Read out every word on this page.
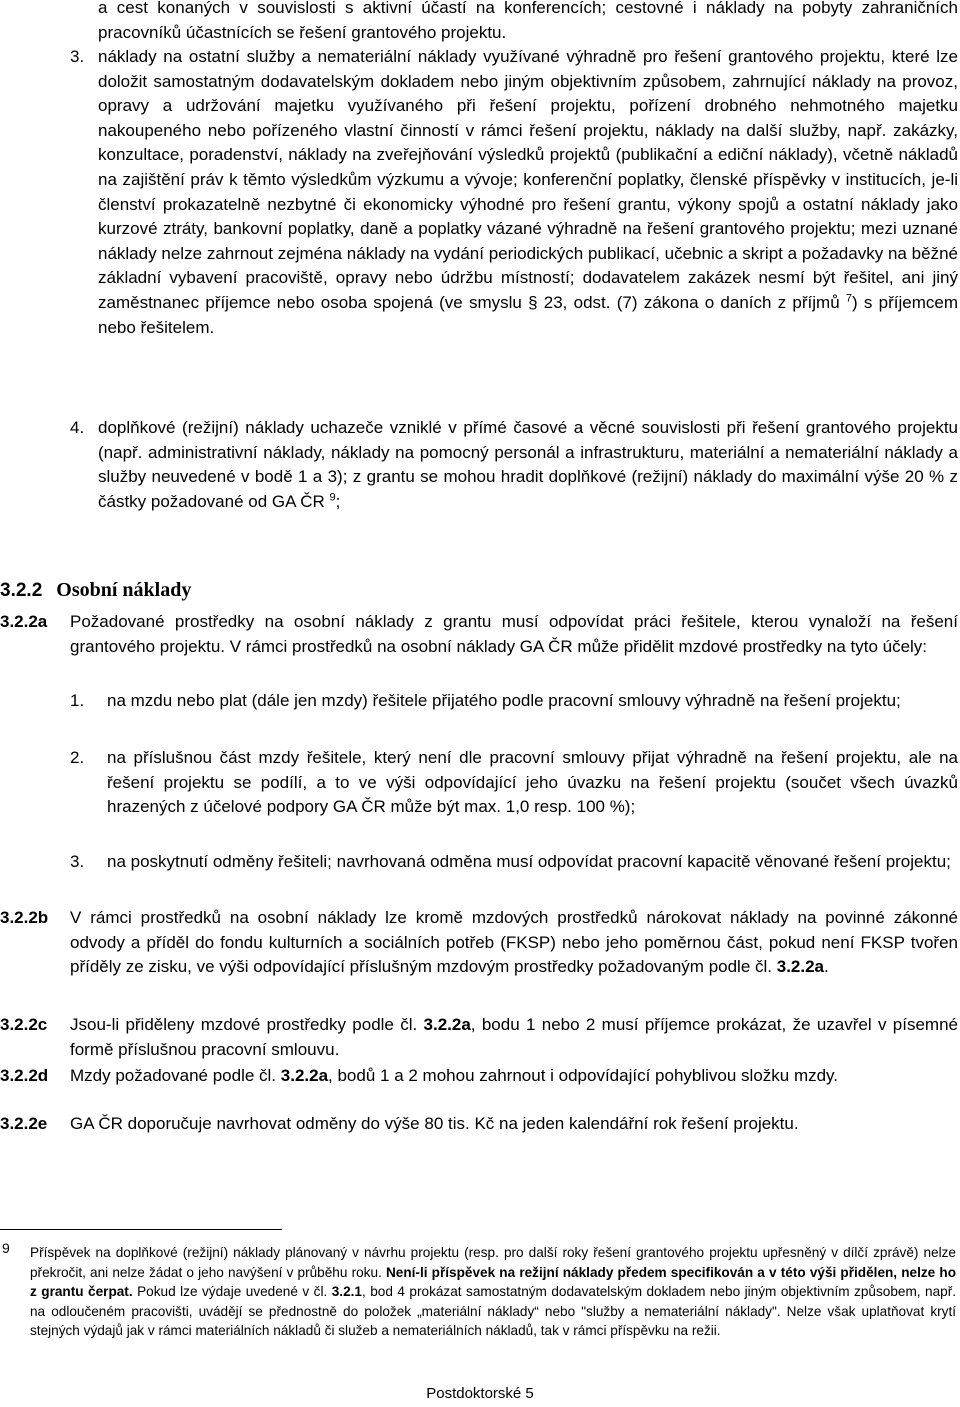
a cest konaných v souvislosti s aktivní účastí na konferencích; cestovné i náklady na pobyty zahraničních pracovníků účastnících se řešení grantového projektu.
3. náklady na ostatní služby a nemateriální náklady využívané výhradně pro řešení grantového projektu, které lze doložit samostatným dodavatelským dokladem nebo jiným objektivním způsobem, zahrnující náklady na provoz, opravy a udržování majetku využívaného při řešení projektu, pořízení drobného nehmotného majetku nakoupeného nebo pořízeného vlastní činností v rámci řešení projektu, náklady na další služby, např. zakázky, konzultace, poradenství, náklady na zveřejňování výsledků projektů (publikační a ediční náklady), včetně nákladů na zajištění práv k těmto výsledkům výzkumu a vývoje; konferenční poplatky, členské příspěvky v institucích, je-li členství prokazatelně nezbytné či ekonomicky výhodné pro řešení grantu, výkony spojů a ostatní náklady jako kurzové ztráty, bankovní poplatky, daně a poplatky vázané výhradně na řešení grantového projektu; mezi uznané náklady nelze zahrnout zejména náklady na vydání periodických publikací, učebnic a skript a požadavky na běžné základní vybavení pracoviště, opravy nebo údržbu místností; dodavatelem zakázek nesmí být řešitel, ani jiný zaměstnanec příjemce nebo osoba spojená (ve smyslu § 23, odst. (7) zákona o daních z příjmů $^7$) s příjemcem nebo řešitelem.
4. doplňkové (režijní) náklady uchazeče vzniklé v přímé časové a věcné souvislosti při řešení grantového projektu (např. administrativní náklady, náklady na pomocný personál a infrastrukturu, materiální a nemateriální náklady a služby neuvedené v bodě 1 a 3); z grantu se mohou hradit doplňkové (režijní) náklady do maximální výše 20 % z částky požadované od GA ČR $^9$;
3.2.2 Osobní náklady
3.2.2a Požadované prostředky na osobní náklady z grantu musí odpovídat práci řešitele, kterou vynaloží na řešení grantového projektu. V rámci prostředků na osobní náklady GA ČR může přidělit mzdové prostředky na tyto účely:
1. na mzdu nebo plat (dále jen mzdy) řešitele přijatého podle pracovní smlouvy výhradně na řešení projektu;
2. na příslušnou část mzdy řešitele, který není dle pracovní smlouvy přijat výhradně na řešení projektu, ale na řešení projektu se podílí, a to ve výši odpovídající jeho úvazku na řešení projektu (součet všech úvazků hrazených z účelové podpory GA ČR může být max. 1,0 resp. 100 %);
3. na poskytnutí odměny řešiteli; navrhovaná odměna musí odpovídat pracovní kapacitě věnované řešení projektu;
3.2.2b V rámci prostředků na osobní náklady lze kromě mzdových prostředků nárokovat náklady na povinné zákonné odvody a příděl do fondu kulturních a sociálních potřeb (FKSP) nebo jeho poměrnou část, pokud není FKSP tvořen příděly ze zisku, ve výši odpovídající příslušným mzdovým prostředky požadovaným podle čl. 3.2.2a.
3.2.2c Jsou-li přiděleny mzdové prostředky podle čl. 3.2.2a, bodu 1 nebo 2 musí příjemce prokázat, že uzavřel v písemné formě příslušnou pracovní smlouvu.
3.2.2d Mzdy požadované podle čl. 3.2.2a, bodů 1 a 2 mohou zahrnout i odpovídající pohyblivou složku mzdy.
3.2.2e GA ČR doporučuje navrhovat odměny do výše 80 tis. Kč na jeden kalendářní rok řešení projektu.
9 Příspěvek na doplňkové (režijní) náklady plánovaný v návrhu projektu (resp. pro další roky řešení grantového projektu upřesněný v dílčí zprávě) nelze překročit, ani nelze žádat o jeho navýšení v průběhu roku. Není-li příspěvek na režijní náklady předem specifikován a v této výši přidělen, nelze ho z grantu čerpat. Pokud lze výdaje uvedené v čl. 3.2.1, bod 4 prokázat samostatným dodavatelským dokladem nebo jiným objektivním způsobem, např. na odloučeném pracovišti, uvádějí se přednostně do položek „materiální náklady“ nebo "služby a nemateriální náklady". Nelze však uplatňovat krytí stejných výdajů jak v rámci materiálních nákladů či služeb a nemateriálních nákladů, tak v rámci příspěvku na režii.
Postdoktorské 5
